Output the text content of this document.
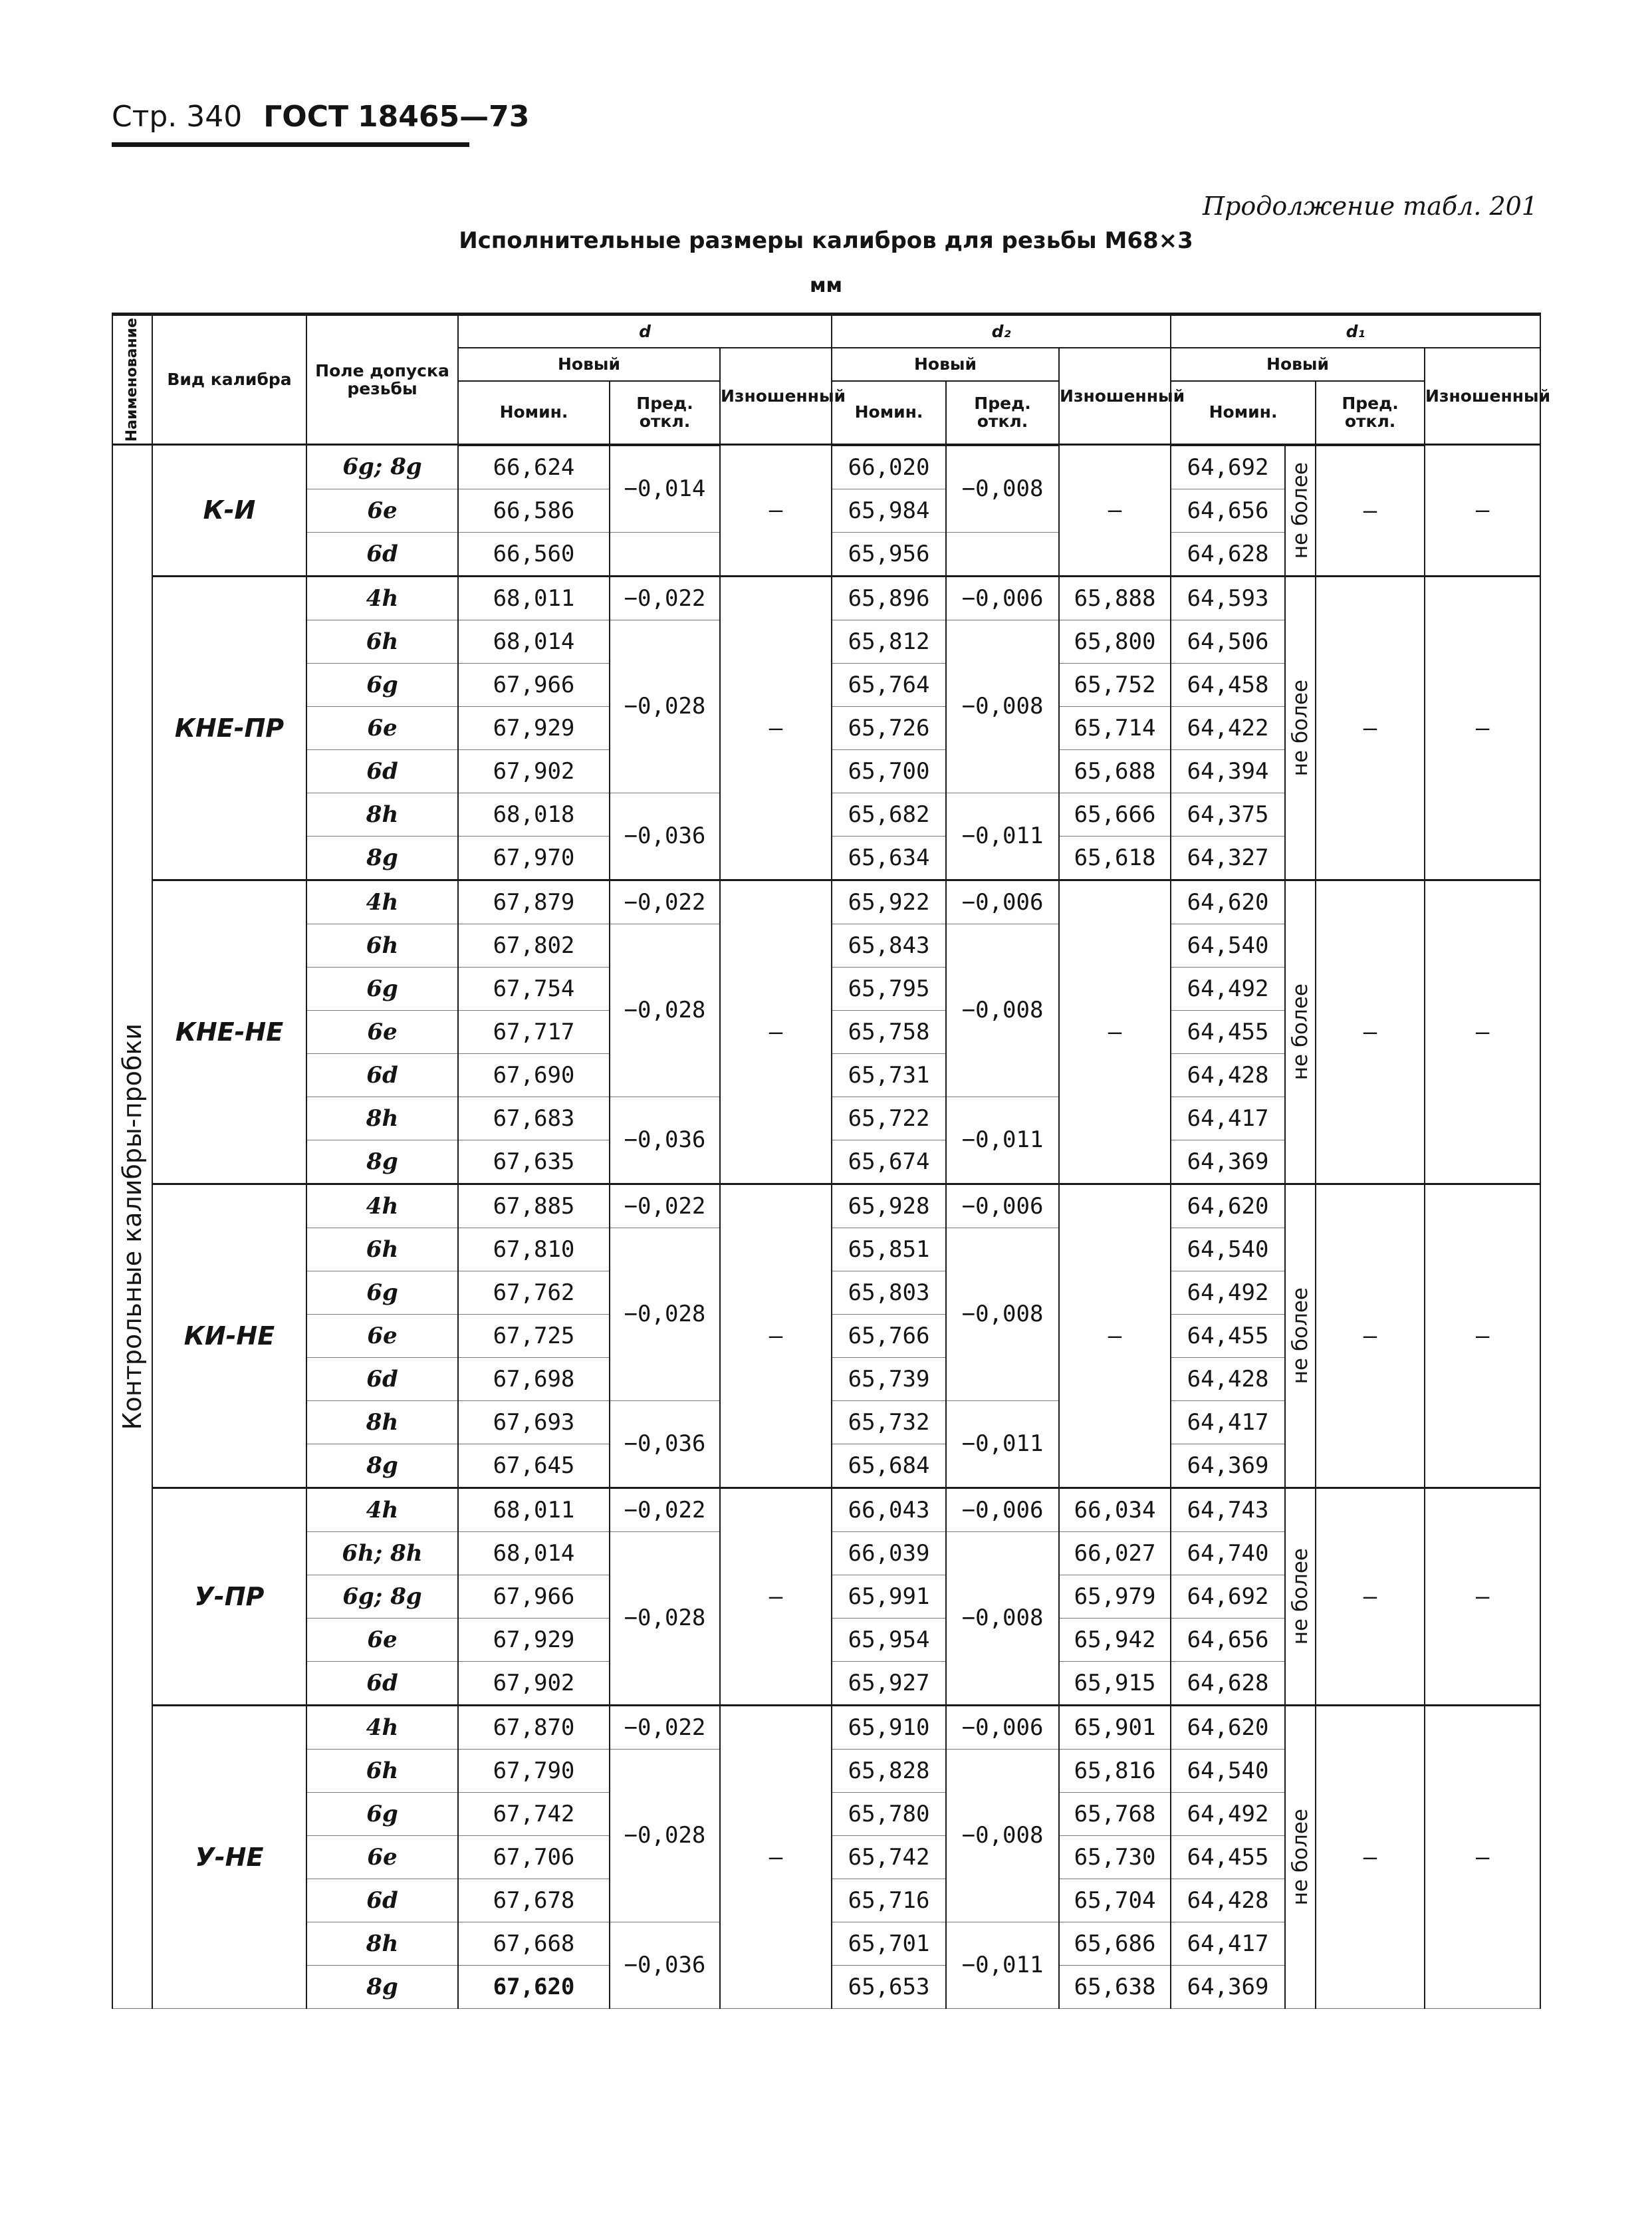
Стр. 340 ГОСТ 18465—73
Продолжение табл. 201
Исполнительные размеры калибров для резьбы M68×3
мм
Наименование	Вид калибра	Поле допуска резьбы	d			d₂			d₁			
			Новый		Изношенный	Новый		Изношенный	Новый			Изношенный
			Номин.	Пред. откл.		Номин.	Пред. откл.		Номин.		Пред. откл.	

Контрольные калибры-пробки	К-И	6g; 8g	66,624	−0,014	—	66,020	−0,008	—	64,692	не более	—	—
		6e	66,586			65,984			64,656			
		6d	66,560			65,956			64,628			
	КНЕ-ПР	4h	68,011	−0,022	—	65,896	−0,006	65,888	64,593	не более	—	—
		6h	68,014	−0,028		65,812	−0,008	65,800	64,506			
		6g	67,966			65,764		65,752	64,458			
		6e	67,929			65,726		65,714	64,422			
		6d	67,902			65,700		65,688	64,394			
		8h	68,018	−0,036		65,682	−0,011	65,666	64,375			
		8g	67,970			65,634		65,618	64,327			
	КНЕ-НЕ	4h	67,879	−0,022	—	65,922	−0,006	—	64,620	не более	—	—
		6h	67,802	−0,028		65,843	−0,008		64,540			
		6g	67,754			65,795			64,492			
		6e	67,717			65,758			64,455			
		6d	67,690			65,731			64,428			
		8h	67,683	−0,036		65,722	−0,011		64,417			
		8g	67,635			65,674			64,369			
	КИ-НЕ	4h	67,885	−0,022	—	65,928	−0,006	—	64,620	не более	—	—
		6h	67,810	−0,028		65,851	−0,008		64,540			
		6g	67,762			65,803			64,492			
		6e	67,725			65,766			64,455			
		6d	67,698			65,739			64,428			
		8h	67,693	−0,036		65,732	−0,011		64,417			
		8g	67,645			65,684			64,369			
	У-ПР	4h	68,011	−0,022	—	66,043	−0,006	66,034	64,743	не более	—	—
		6h; 8h	68,014	−0,028		66,039	−0,008	66,027	64,740			
		6g; 8g	67,966			65,991		65,979	64,692			
		6e	67,929			65,954		65,942	64,656			
		6d	67,902			65,927		65,915	64,628			
	У-НЕ	4h	67,870	−0,022	—	65,910	−0,006	65,901	64,620	не более	—	—
		6h	67,790	−0,028		65,828	−0,008	65,816	64,540			
		6g	67,742			65,780		65,768	64,492			
		6e	67,706			65,742		65,730	64,455			
		6d	67,678			65,716		65,704	64,428			
		8h	67,668	−0,036		65,701	−0,011	65,686	64,417			
		8g	67,620			65,653		65,638	64,369			
